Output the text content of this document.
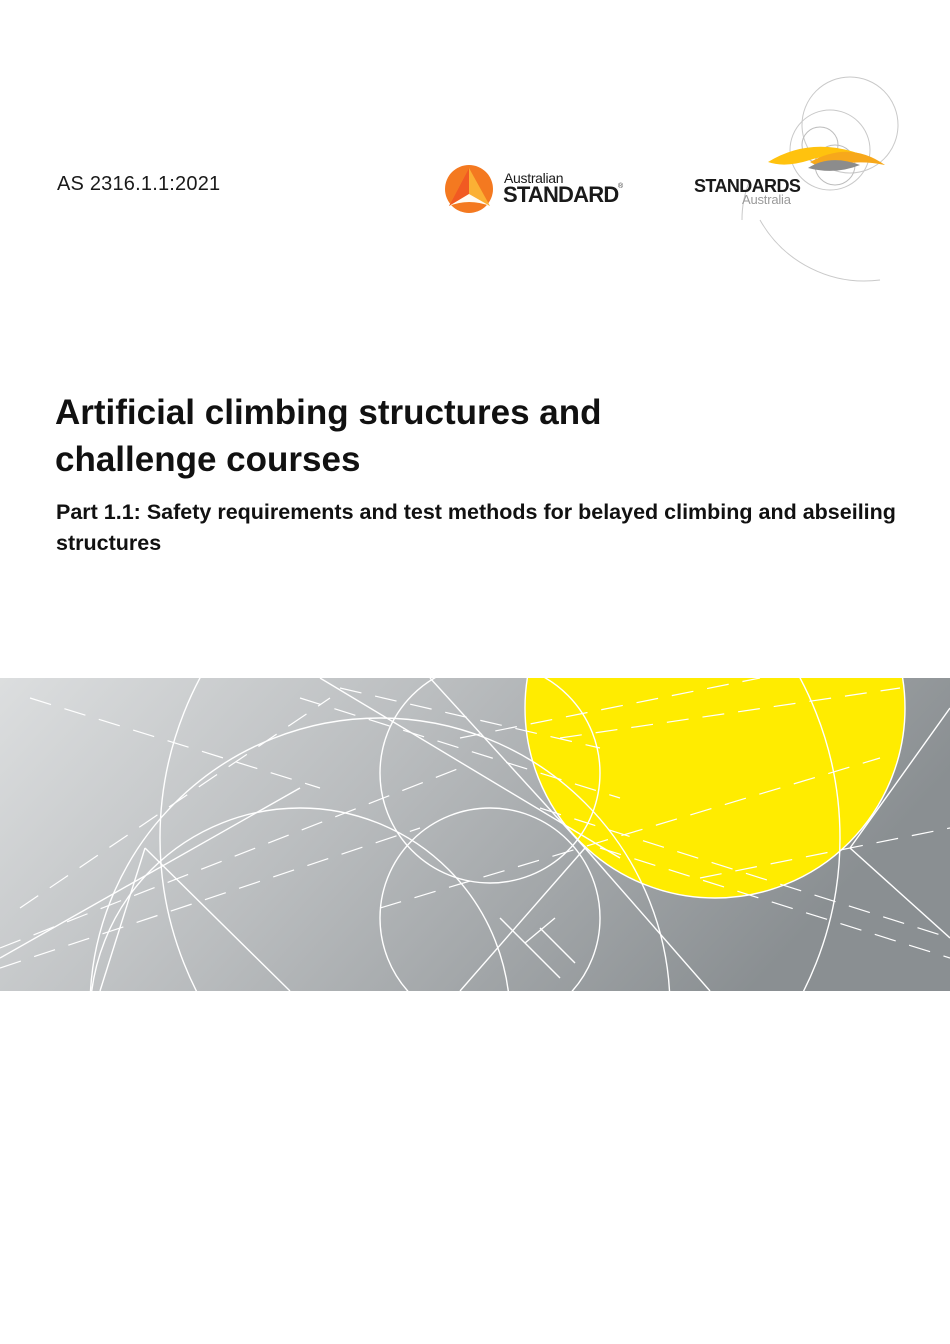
AS 2316.1.1:2021	Australian
STANDARD ®	STANDARDS
Australia
Artificial climbing structures and challenge courses
Part 1.1: Safety requirements and test methods for belayed climbing and abseiling structures
